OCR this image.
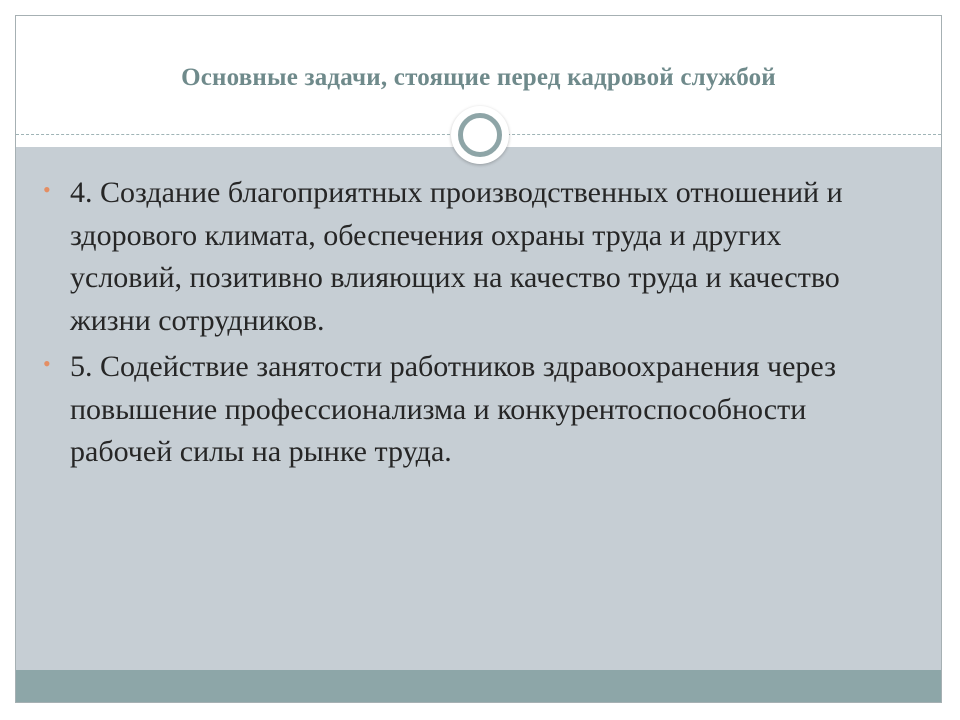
Основные задачи, стоящие перед кадровой службой
• 4. Создание благоприятных производственных отношений и здорового климата, обеспечения охраны труда и других условий, позитивно влияющих на качество труда и качество жизни сотрудников.
• 5. Содействие занятости работников здравоохранения через повышение профессионализма и конкурентоспособности рабочей силы на рынке труда.
